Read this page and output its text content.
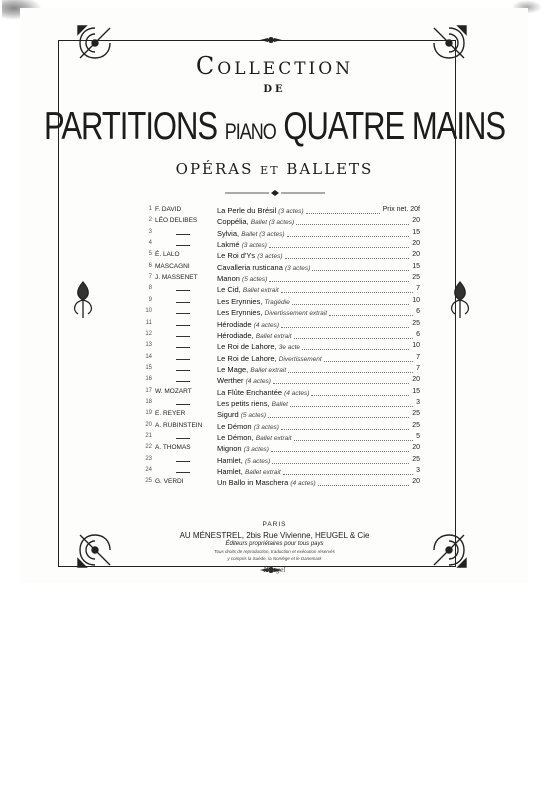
Collection
DE
PARTITIONS PIANO QUATRE MAINS
OPÉRAS et BALLETS
1 F. DAVID	La Perle du Brésil (3 actes)	Prix net. 20f
2 LÉO DELIBES	Coppélia, Ballet (3 actes)	20
3	Sylvia, Ballet (3 actes)	15
4	Lakmé (3 actes)	20
5 É. LALO	Le Roi d'Ys (3 actes)	20
6 MASCAGNI	Cavalleria rusticana (3 actes)	15
7 J. MASSENET	Manon (5 actes)	25
8	Le Cid, Ballet extrait	7
9	Les Erynnies, Tragédie	10
10	Les Erynnies, Divertissement extrait	6
11	Hérodiade (4 actes)	25
12	Hérodiade, Ballet extrait	6
13	Le Roi de Lahore, 3e acte	10
14	Le Roi de Lahore, Divertissement	7
15	Le Mage, Ballet extrait	7
16	Werther (4 actes)	20
17 W. MOZART	La Flûte Enchantée (4 actes)	15
18	Les petits riens, Ballet	3
19 E. REYER	Sigurd (5 actes)	25
20 A. RUBINSTEIN	Le Démon (3 actes)	25
21	Le Démon, Ballet extrait	5
22 A. THOMAS	Mignon (3 actes)	20
23	Hamlet, (5 actes)	25
24	Hamlet, Ballet extrait	3
25 G. VERDI	Un Ballo in Maschera (4 actes)	20
PARIS
AU MÉNESTREL, 2bis Rue Vivienne, HEUGEL & Cie
Éditeurs propriétaires pour tous pays
Tous droits de reproduction, traduction et exécution réservés
y compris la Suède, la Norvège et le Danemark
Heugel
